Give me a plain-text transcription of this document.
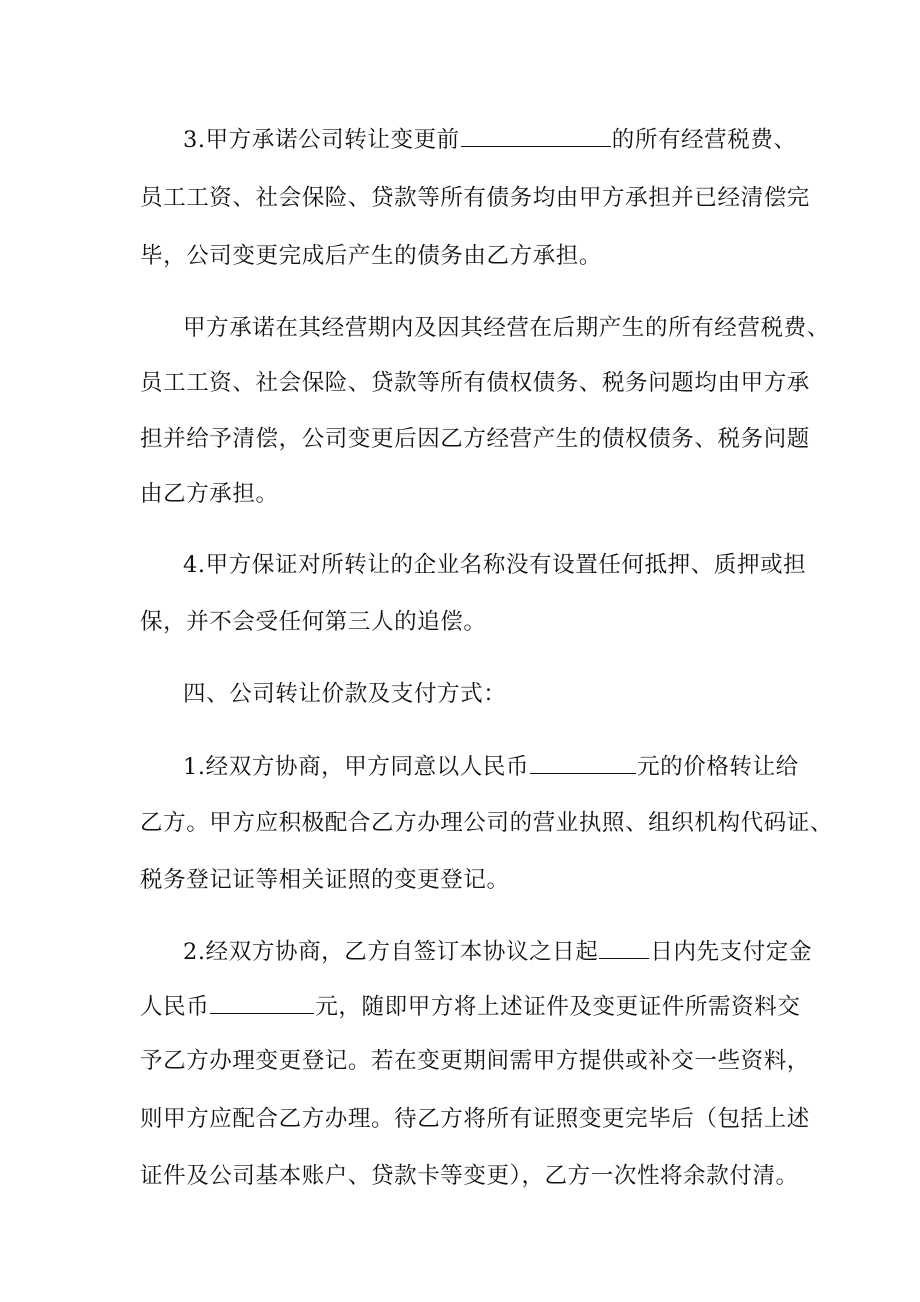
3.甲方承诺公司转让变更前	的所有经营税费、
员工工资、社会保险、贷款等所有债务均由甲方承担并已经清偿完
毕，公司变更完成后产生的债务由乙方承担。
甲方承诺在其经营期内及因其经营在后期产生的所有经营税费、
员工工资、社会保险、贷款等所有债权债务、税务问题均由甲方承
担并给予清偿，公司变更后因乙方经营产生的债权债务、税务问题
由乙方承担。
4.甲方保证对所转让的企业名称没有设置任何抵押、质押或担
保，并不会受任何第三人的追偿。
四、公司转让价款及支付方式：
1.经双方协商，甲方同意以人民币	元的价格转让给
乙方。甲方应积极配合乙方办理公司的营业执照、组织机构代码证、
税务登记证等相关证照的变更登记。
2.经双方协商，乙方自签订本协议之日起 日内先支付定金
人民币	元，随即甲方将上述证件及变更证件所需资料交
予乙方办理变更登记。若在变更期间需甲方提供或补交一些资料，
则甲方应配合乙方办理。待乙方将所有证照变更完毕后（包括上述
证件及公司基本账户、贷款卡等变更），乙方一次性将余款付清。
